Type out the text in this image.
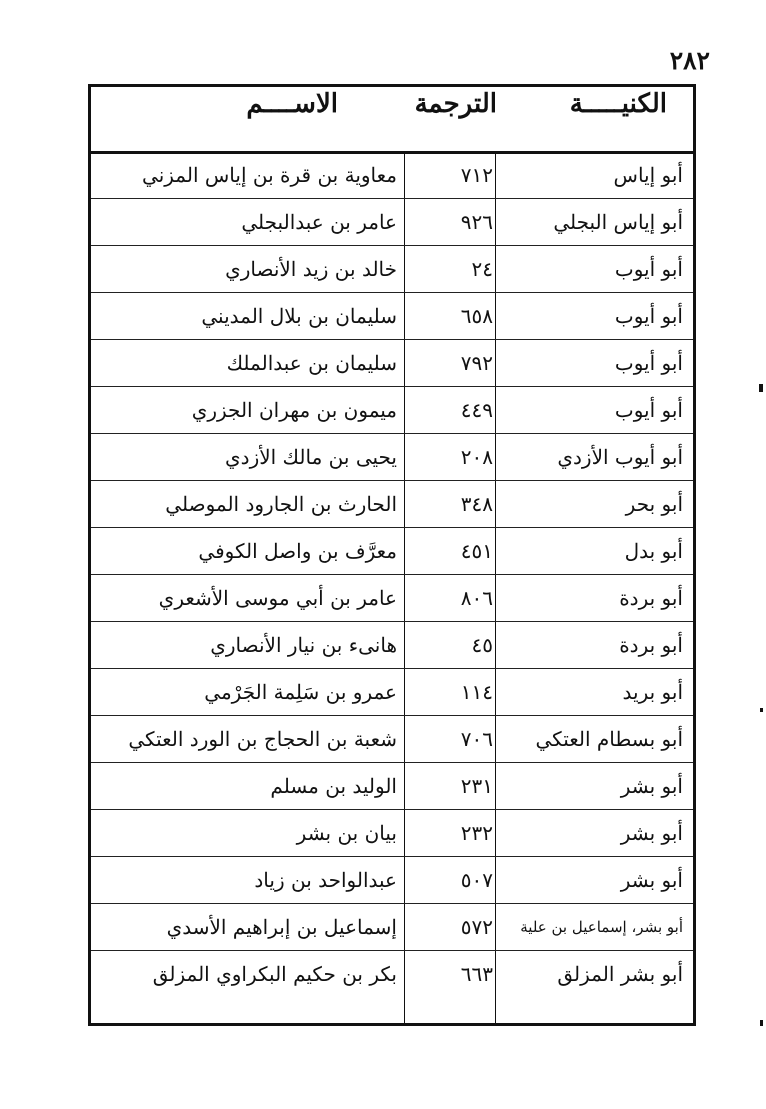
٢٨٢
الكنيـــــة
الترجمة
الاســــم
أبو إياس
٧١٢
معاوية بن قرة بن إياس المزني
أبو إياس البجلي
٩٢٦
عامر بن عبدالبجلي
أبو أيوب
٢٤
خالد بن زيد الأنصاري
أبو أيوب
٦٥٨
سليمان بن بلال المديني
أبو أيوب
٧٩٢
سليمان بن عبدالملك
أبو أيوب
٤٤٩
ميمون بن مهران الجزري
أبو أيوب الأزدي
٢٠٨
يحيى بن مالك الأزدي
أبو بحر
٣٤٨
الحارث بن الجارود الموصلي
أبو بدل
٤٥١
معرَّف بن واصل الكوفي
أبو بردة
٨٠٦
عامر بن أبي موسى الأشعري
أبو بردة
٤٥
هانىء بن نيار الأنصاري
أبو بريد
١١٤
عمرو بن سَلِمة الجَرْمي
أبو بسطام العتكي
٧٠٦
شعبة بن الحجاج بن الورد العتكي
أبو بشر
٢٣١
الوليد بن مسلم
أبو بشر
٢٣٢
بيان بن بشر
أبو بشر
٥٠٧
عبدالواحد بن زياد
أبو بشر، إسماعيل بن علية
٥٧٢
إسماعيل بن إبراهيم الأسدي
أبو بشر المزلق
٦٦٣
بكر بن حكيم البكراوي المزلق
